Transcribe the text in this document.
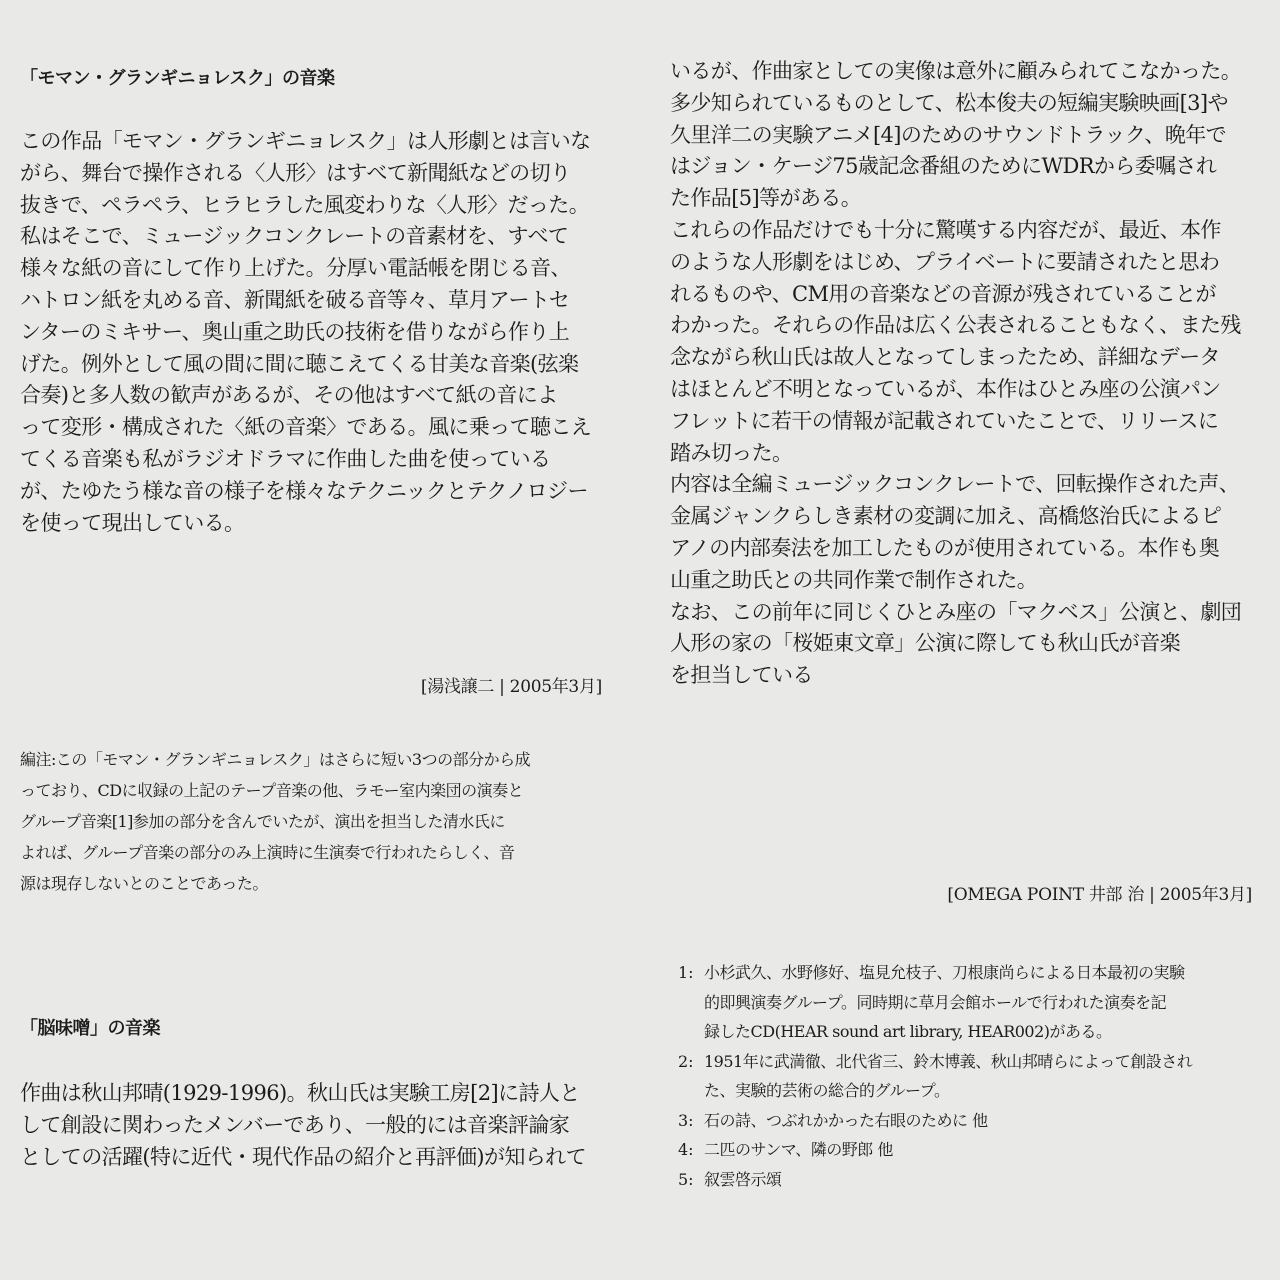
「モマン・グランギニョレスク」の音楽
この作品「モマン・グランギニョレスク」は人形劇とは言いな
がら、舞台で操作される〈人形〉はすべて新聞紙などの切り
抜きで、ペラペラ、ヒラヒラした風変わりな〈人形〉だった。
私はそこで、ミュージックコンクレートの音素材を、すべて
様々な紙の音にして作り上げた。分厚い電話帳を閉じる音、
ハトロン紙を丸める音、新聞紙を破る音等々、草月アートセ
ンターのミキサー、奥山重之助氏の技術を借りながら作り上
げた。例外として風の間に間に聴こえてくる甘美な音楽(弦楽
合奏)と多人数の歓声があるが、その他はすべて紙の音によ
って変形・構成された〈紙の音楽〉である。風に乗って聴こえ
てくる音楽も私がラジオドラマに作曲した曲を使っている
が、たゆたう様な音の様子を様々なテクニックとテクノロジー
を使って現出している。
[湯浅譲二 | 2005年3月]
編注:この「モマン・グランギニョレスク」はさらに短い3つの部分から成
っており、CDに収録の上記のテープ音楽の他、ラモー室内楽団の演奏と
グループ音楽[1]参加の部分を含んでいたが、演出を担当した清水氏に
よれば、グループ音楽の部分のみ上演時に生演奏で行われたらしく、音
源は現存しないとのことであった。
「脳味噌」の音楽
作曲は秋山邦晴(1929-1996)。秋山氏は実験工房[2]に詩人と
して創設に関わったメンバーであり、一般的には音楽評論家
としての活躍(特に近代・現代作品の紹介と再評価)が知られて
いるが、作曲家としての実像は意外に顧みられてこなかった。
多少知られているものとして、松本俊夫の短編実験映画[3]や
久里洋二の実験アニメ[4]のためのサウンドトラック、晩年で
はジョン・ケージ75歳記念番組のためにWDRから委嘱され
た作品[5]等がある。
これらの作品だけでも十分に驚嘆する内容だが、最近、本作
のような人形劇をはじめ、プライベートに要請されたと思わ
れるものや、CM用の音楽などの音源が残されていることが
わかった。それらの作品は広く公表されることもなく、また残
念ながら秋山氏は故人となってしまったため、詳細なデータ
はほとんど不明となっているが、本作はひとみ座の公演パン
フレットに若干の情報が記載されていたことで、リリースに
踏み切った。
内容は全編ミュージックコンクレートで、回転操作された声、
金属ジャンクらしき素材の変調に加え、高橋悠治氏によるピ
アノの内部奏法を加工したものが使用されている。本作も奥
山重之助氏との共同作業で制作された。
なお、この前年に同じくひとみ座の「マクベス」公演と、劇団
人形の家の「桜姫東文章」公演に際しても秋山氏が音楽
を担当している
[OMEGA POINT 井部 治 | 2005年3月]
1: 小杉武久、水野修好、塩見允枝子、刀根康尚らによる日本最初の実験
的即興演奏グループ。同時期に草月会館ホールで行われた演奏を記
録したCD(HEAR sound art library, HEAR002)がある。
2: 1951年に武満徹、北代省三、鈴木博義、秋山邦晴らによって創設され
た、実験的芸術の総合的グループ。
3: 石の詩、つぶれかかった右眼のために 他
4: 二匹のサンマ、隣の野郎 他
5: 叙雲啓示頌
